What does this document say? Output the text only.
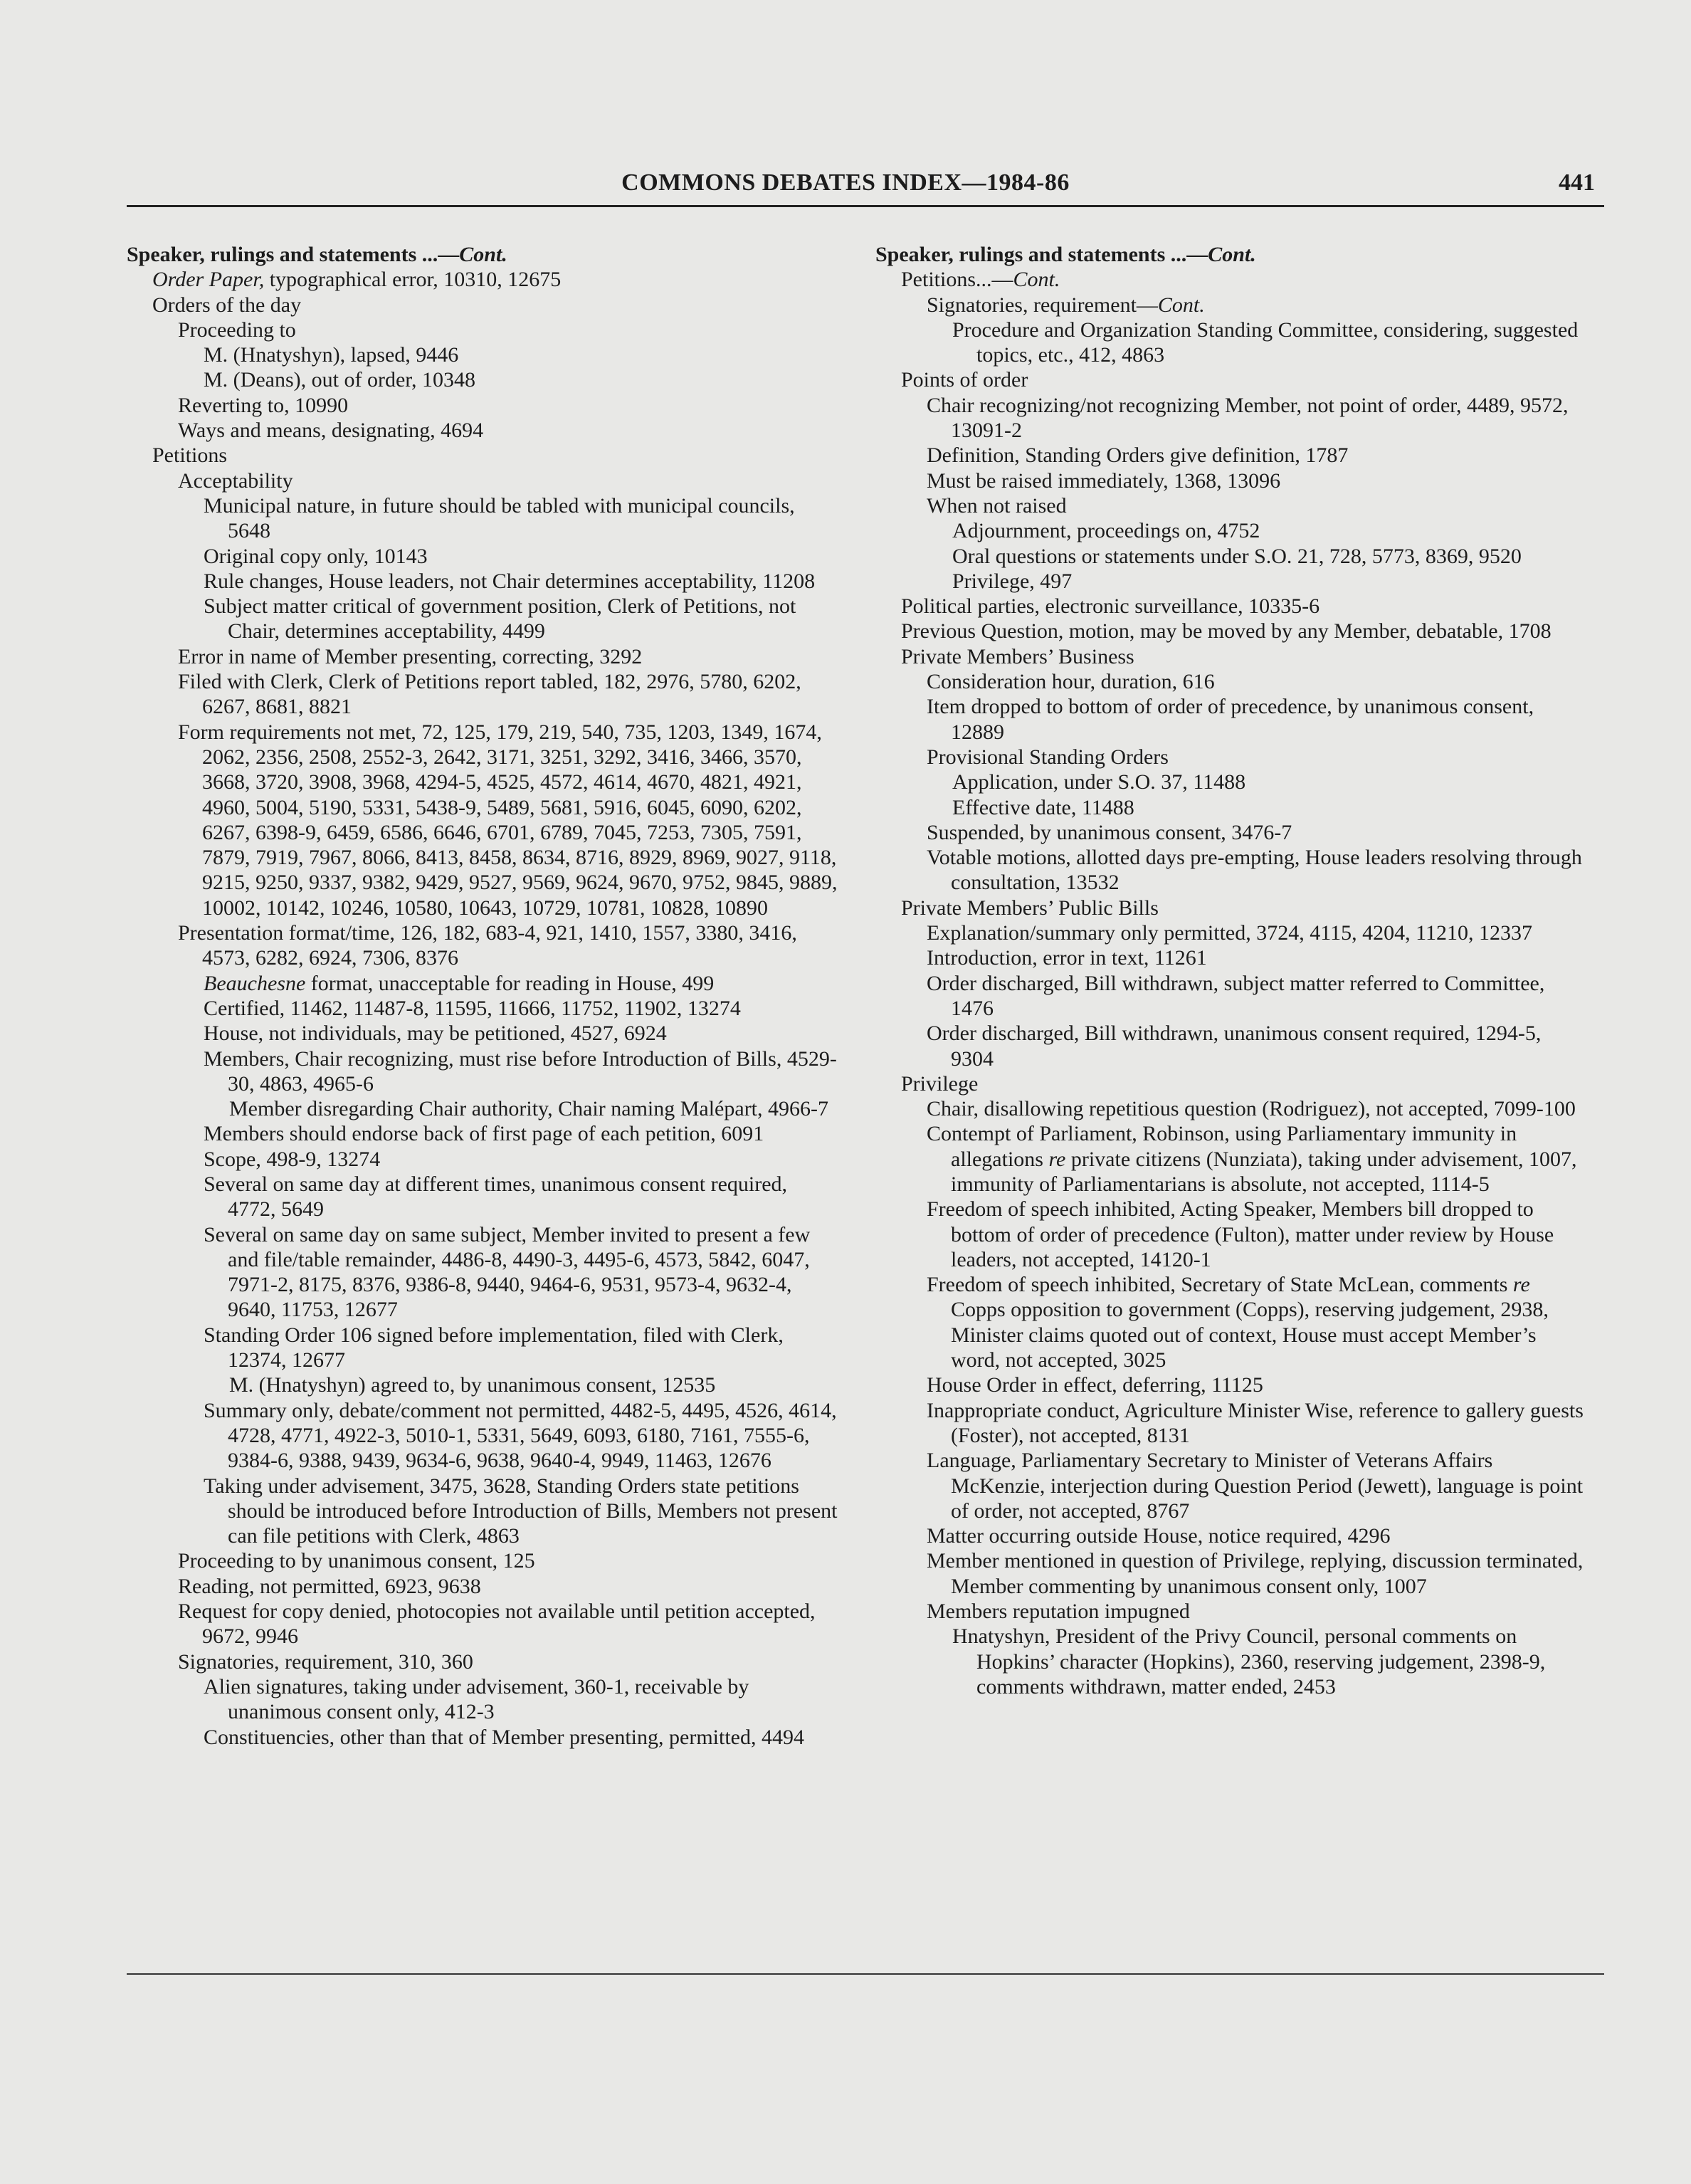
COMMONS DEBATES INDEX—1984-86	441
Speaker, rulings and statements ...—Cont.
Order Paper, typographical error, 10310, 12675
Orders of the day
Proceeding to
M. (Hnatyshyn), lapsed, 9446
M. (Deans), out of order, 10348
Reverting to, 10990
Ways and means, designating, 4694
Petitions
Acceptability
Municipal nature, in future should be tabled with municipal councils, 5648
Original copy only, 10143
Rule changes, House leaders, not Chair determines acceptability, 11208
Subject matter critical of government position, Clerk of Petitions, not Chair, determines acceptability, 4499
Error in name of Member presenting, correcting, 3292
Filed with Clerk, Clerk of Petitions report tabled, 182, 2976, 5780, 6202, 6267, 8681, 8821
Form requirements not met, 72, 125, 179, 219, 540, 735, 1203, 1349, 1674, 2062, 2356, 2508, 2552-3, 2642, 3171, 3251, 3292, 3416, 3466, 3570, 3668, 3720, 3908, 3968, 4294-5, 4525, 4572, 4614, 4670, 4821, 4921, 4960, 5004, 5190, 5331, 5438-9, 5489, 5681, 5916, 6045, 6090, 6202, 6267, 6398-9, 6459, 6586, 6646, 6701, 6789, 7045, 7253, 7305, 7591, 7879, 7919, 7967, 8066, 8413, 8458, 8634, 8716, 8929, 8969, 9027, 9118, 9215, 9250, 9337, 9382, 9429, 9527, 9569, 9624, 9670, 9752, 9845, 9889, 10002, 10142, 10246, 10580, 10643, 10729, 10781, 10828, 10890
Presentation format/time, 126, 182, 683-4, 921, 1410, 1557, 3380, 3416, 4573, 6282, 6924, 7306, 8376
Beauchesne format, unacceptable for reading in House, 499
Certified, 11462, 11487-8, 11595, 11666, 11752, 11902, 13274
House, not individuals, may be petitioned, 4527, 6924
Members, Chair recognizing, must rise before Introduction of Bills, 4529-30, 4863, 4965-6
Member disregarding Chair authority, Chair naming Malépart, 4966-7
Members should endorse back of first page of each petition, 6091
Scope, 498-9, 13274
Several on same day at different times, unanimous consent required, 4772, 5649
Several on same day on same subject, Member invited to present a few and file/table remainder, 4486-8, 4490-3, 4495-6, 4573, 5842, 6047, 7971-2, 8175, 8376, 9386-8, 9440, 9464-6, 9531, 9573-4, 9632-4, 9640, 11753, 12677
Standing Order 106 signed before implementation, filed with Clerk, 12374, 12677
M. (Hnatyshyn) agreed to, by unanimous consent, 12535
Summary only, debate/comment not permitted, 4482-5, 4495, 4526, 4614, 4728, 4771, 4922-3, 5010-1, 5331, 5649, 6093, 6180, 7161, 7555-6, 9384-6, 9388, 9439, 9634-6, 9638, 9640-4, 9949, 11463, 12676
Taking under advisement, 3475, 3628, Standing Orders state petitions should be introduced before Introduction of Bills, Members not present can file petitions with Clerk, 4863
Proceeding to by unanimous consent, 125
Reading, not permitted, 6923, 9638
Request for copy denied, photocopies not available until petition accepted, 9672, 9946
Signatories, requirement, 310, 360
Alien signatures, taking under advisement, 360-1, receivable by unanimous consent only, 412-3
Constituencies, other than that of Member presenting, permitted, 4494
Speaker, rulings and statements ...—Cont.
Petitions...—Cont.
Signatories, requirement—Cont.
Procedure and Organization Standing Committee, considering, suggested topics, etc., 412, 4863
Points of order
Chair recognizing/not recognizing Member, not point of order, 4489, 9572, 13091-2
Definition, Standing Orders give definition, 1787
Must be raised immediately, 1368, 13096
When not raised
Adjournment, proceedings on, 4752
Oral questions or statements under S.O. 21, 728, 5773, 8369, 9520
Privilege, 497
Political parties, electronic surveillance, 10335-6
Previous Question, motion, may be moved by any Member, debatable, 1708
Private Members’ Business
Consideration hour, duration, 616
Item dropped to bottom of order of precedence, by unanimous consent, 12889
Provisional Standing Orders
Application, under S.O. 37, 11488
Effective date, 11488
Suspended, by unanimous consent, 3476-7
Votable motions, allotted days pre-empting, House leaders resolving through consultation, 13532
Private Members’ Public Bills
Explanation/summary only permitted, 3724, 4115, 4204, 11210, 12337
Introduction, error in text, 11261
Order discharged, Bill withdrawn, subject matter referred to Committee, 1476
Order discharged, Bill withdrawn, unanimous consent required, 1294-5, 9304
Privilege
Chair, disallowing repetitious question (Rodriguez), not accepted, 7099-100
Contempt of Parliament, Robinson, using Parliamentary immunity in allegations re private citizens (Nunziata), taking under advisement, 1007, immunity of Parliamentarians is absolute, not accepted, 1114-5
Freedom of speech inhibited, Acting Speaker, Members bill dropped to bottom of order of precedence (Fulton), matter under review by House leaders, not accepted, 14120-1
Freedom of speech inhibited, Secretary of State McLean, comments re Copps opposition to government (Copps), reserving judgement, 2938, Minister claims quoted out of context, House must accept Member’s word, not accepted, 3025
House Order in effect, deferring, 11125
Inappropriate conduct, Agriculture Minister Wise, reference to gallery guests (Foster), not accepted, 8131
Language, Parliamentary Secretary to Minister of Veterans Affairs McKenzie, interjection during Question Period (Jewett), language is point of order, not accepted, 8767
Matter occurring outside House, notice required, 4296
Member mentioned in question of Privilege, replying, discussion terminated, Member commenting by unanimous consent only, 1007
Members reputation impugned
Hnatyshyn, President of the Privy Council, personal comments on Hopkins’ character (Hopkins), 2360, reserving judgement, 2398-9, comments withdrawn, matter ended, 2453
